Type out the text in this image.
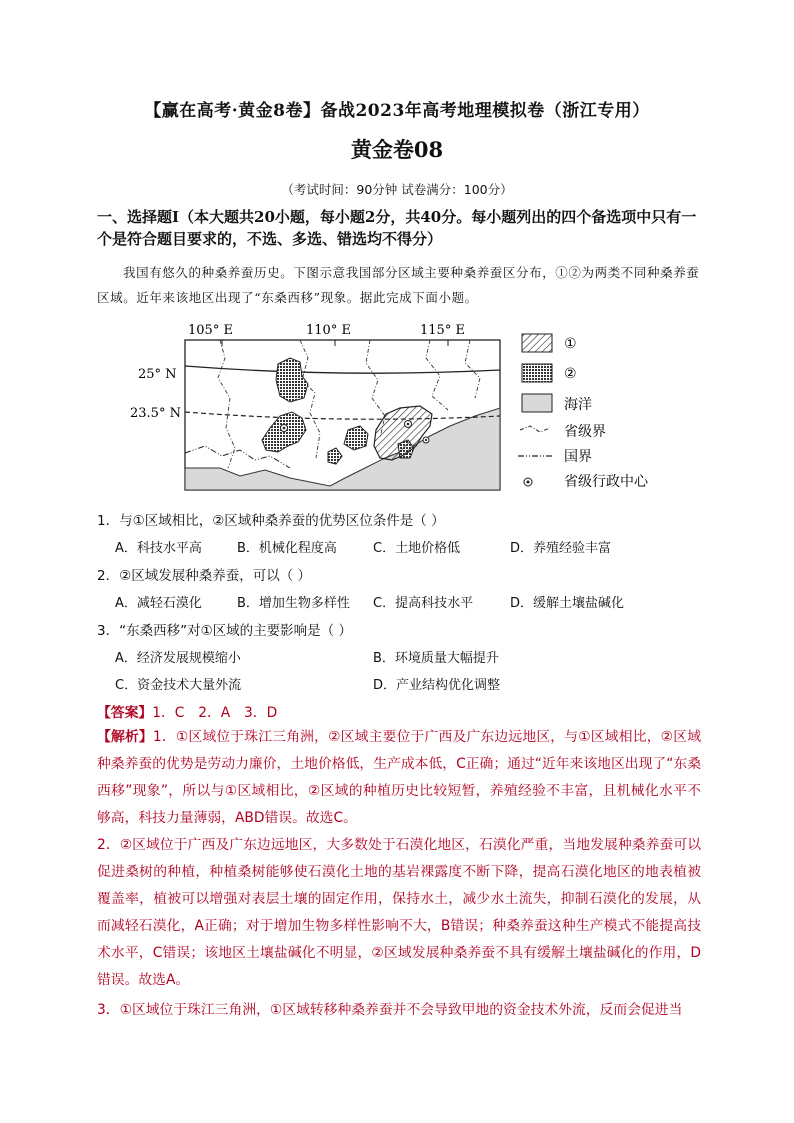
【赢在高考·黄金8卷】备战2023年高考地理模拟卷（浙江专用）
黄金卷08
（考试时间：90分钟 试卷满分：100分）
一、选择题Ⅰ（本大题共20小题，每小题2分，共40分。每小题列出的四个备选项中只有一个是符合题目要求的，不选、多选、错选均不得分）
我国有悠久的种桑养蚕历史。下图示意我国部分区域主要种桑养蚕区分布，①②为两类不同种桑养蚕区域。近年来该地区出现了“东桑西移”现象。据此完成下面小题。
105° E	110° E	115° E
25° N
23.5° N
①
②
海洋
省级界
国界
省级行政中心
1．与①区域相比，②区域种桑养蚕的优势区位条件是（ ）
A．科技水平高	B．机械化程度高	C．土地价格低	D．养殖经验丰富
2．②区域发展种桑养蚕，可以（ ）
A．减轻石漠化	B．增加生物多样性 C．提高科技水平	D．缓解土壤盐碱化
3．“东桑西移”对①区域的主要影响是（ ）
A．经济发展规模缩小	B．环境质量大幅提升
C．资金技术大量外流	D．产业结构优化调整
【答案】1．C　2．A　3．D
【解析】1．①区域位于珠江三角洲，②区域主要位于广西及广东边远地区，与①区域相比，②区域种桑养蚕的优势是劳动力廉价，土地价格低，生产成本低，C正确；通过“近年来该地区出现了“东桑西移”现象”，所以与①区域相比，②区域的种植历史比较短暂，养殖经验不丰富，且机械化水平不够高，科技力量薄弱，ABD错误。故选C。
2．②区域位于广西及广东边远地区，大多数处于石漠化地区，石漠化严重，当地发展种桑养蚕可以促进桑树的种植，种植桑树能够使石漠化土地的基岩裸露度不断下降，提高石漠化地区的地表植被覆盖率，植被可以增强对表层土壤的固定作用，保持水土，减少水土流失，抑制石漠化的发展，从而减轻石漠化，A正确；对于增加生物多样性影响不大，B错误；种桑养蚕这种生产模式不能提高技术水平，C错误；该地区土壤盐碱化不明显，②区域发展种桑养蚕不具有缓解土壤盐碱化的作用，D错误。故选A。
3．①区域位于珠江三角洲，①区域转移种桑养蚕并不会导致甲地的资金技术外流，反而会促进当
